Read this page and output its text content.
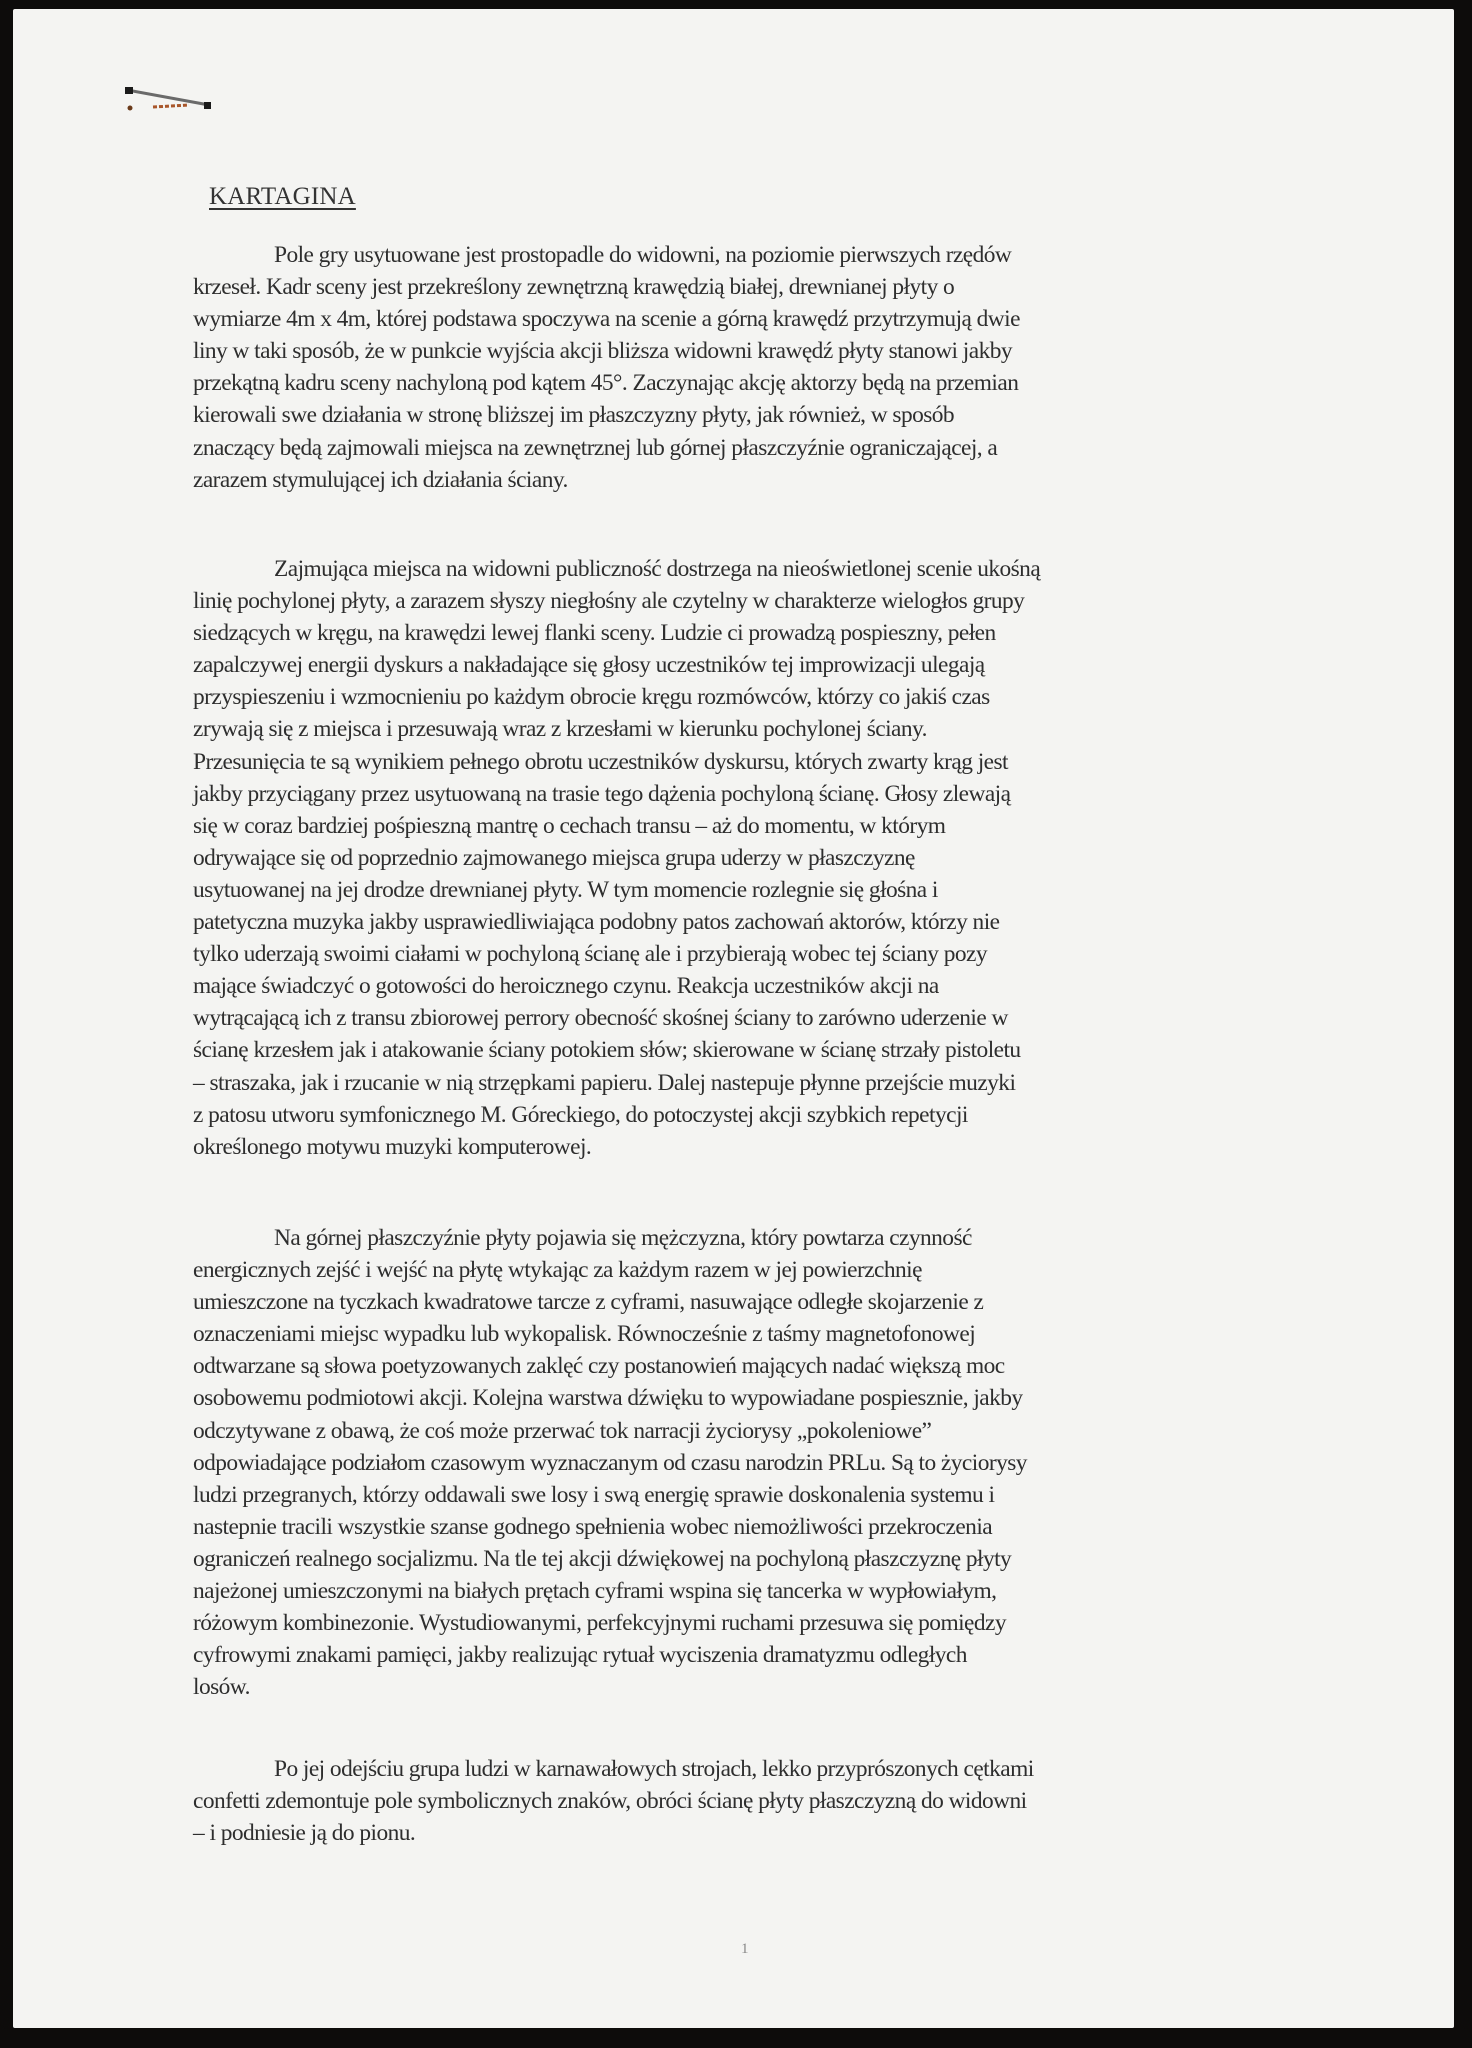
KARTAGINA

Pole gry usytuowane jest prostopadle do widowni, na poziomie pierwszych rzędów
krzeseł. Kadr sceny jest przekreślony zewnętrzną krawędzią białej, drewnianej płyty o
wymiarze 4m x 4m, której podstawa spoczywa na scenie a górną krawędź przytrzymują dwie
liny w taki sposób, że w punkcie wyjścia akcji bliższa widowni krawędź płyty stanowi jakby
przekątną kadru sceny nachyloną pod kątem 45°. Zaczynając akcję aktorzy będą na przemian
kierowali swe działania w stronę bliższej im płaszczyzny płyty, jak również, w sposób
znaczący będą zajmowali miejsca na zewnętrznej lub górnej płaszczyźnie ograniczającej, a
zarazem stymulującej ich działania ściany.

Zajmująca miejsca na widowni publiczność dostrzega na nieoświetlonej scenie ukośną
linię pochylonej płyty, a zarazem słyszy niegłośny ale czytelny w charakterze wielogłos grupy
siedzących w kręgu, na krawędzi lewej flanki sceny. Ludzie ci prowadzą pospieszny, pełen
zapalczywej energii dyskurs a nakładające się głosy uczestników tej improwizacji ulegają
przyspieszeniu i wzmocnieniu po każdym obrocie kręgu rozmówców, którzy co jakiś czas
zrywają się z miejsca i przesuwają wraz z krzesłami w kierunku pochylonej ściany.
Przesunięcia te są wynikiem pełnego obrotu uczestników dyskursu, których zwarty krąg jest
jakby przyciągany przez usytuowaną na trasie tego dążenia pochyloną ścianę. Głosy zlewają
się w coraz bardziej pośpieszną mantrę o cechach transu – aż do momentu, w którym
odrywające się od poprzednio zajmowanego miejsca grupa uderzy w płaszczyznę
usytuowanej na jej drodze drewnianej płyty. W tym momencie rozlegnie się głośna i
patetyczna muzyka jakby usprawiedliwiająca podobny patos zachowań aktorów, którzy nie
tylko uderzają swoimi ciałami w pochyloną ścianę ale i przybierają wobec tej ściany pozy
mające świadczyć o gotowości do heroicznego czynu. Reakcja uczestników akcji na
wytrącającą ich z transu zbiorowej perrory obecność skośnej ściany to zarówno uderzenie w
ścianę krzesłem jak i atakowanie ściany potokiem słów; skierowane w ścianę strzały pistoletu
– straszaka, jak i rzucanie w nią strzępkami papieru. Dalej nastepuje płynne przejście muzyki
z patosu utworu symfonicznego M. Góreckiego, do potoczystej akcji szybkich repetycji
określonego motywu muzyki komputerowej.

Na górnej płaszczyźnie płyty pojawia się mężczyzna, który powtarza czynność
energicznych zejść i wejść na płytę wtykając za każdym razem w jej powierzchnię
umieszczone na tyczkach kwadratowe tarcze z cyframi, nasuwające odległe skojarzenie z
oznaczeniami miejsc wypadku lub wykopalisk. Równocześnie z taśmy magnetofonowej
odtwarzane są słowa poetyzowanych zaklęć czy postanowień mających nadać większą moc
osobowemu podmiotowi akcji. Kolejna warstwa dźwięku to wypowiadane pospiesznie, jakby
odczytywane z obawą, że coś może przerwać tok narracji życiorysy „pokoleniowe”
odpowiadające podziałom czasowym wyznaczanym od czasu narodzin PRLu. Są to życiorysy
ludzi przegranych, którzy oddawali swe losy i swą energię sprawie doskonalenia systemu i
nastepnie tracili wszystkie szanse godnego spełnienia wobec niemożliwości przekroczenia
ograniczeń realnego socjalizmu. Na tle tej akcji dźwiękowej na pochyloną płaszczyznę płyty
najeżonej umieszczonymi na białych prętach cyframi wspina się tancerka w wypłowiałym,
różowym kombinezonie. Wystudiowanymi, perfekcyjnymi ruchami przesuwa się pomiędzy
cyfrowymi znakami pamięci, jakby realizując rytuał wyciszenia dramatyzmu odległych
losów.

Po jej odejściu grupa ludzi w karnawałowych strojach, lekko przyprószonych cętkami
confetti zdemontuje pole symbolicznych znaków, obróci ścianę płyty płaszczyzną do widowni
– i podniesie ją do pionu.

1
